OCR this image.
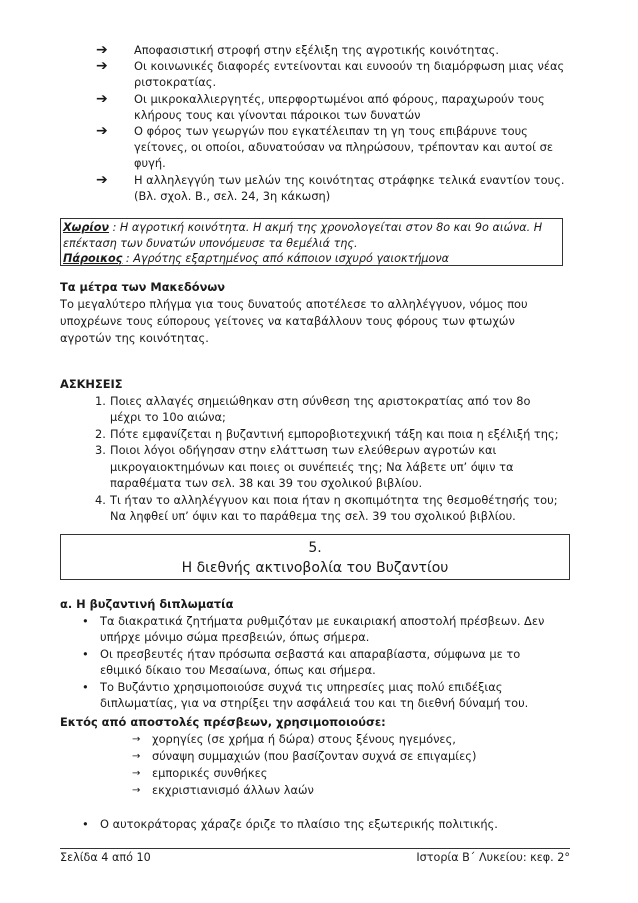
➔ Αποφασιστική στροφή στην εξέλιξη της αγροτικής κοινότητας.
➔ Οι κοινωνικές διαφορές εντείνονται και ευνοούν τη διαμόρφωση μιας νέας
ριστοκρατίας.
➔ Οι μικροκαλλιεργητές, υπερφορτωμένοι από φόρους, παραχωρούν τους
κλήρους τους και γίνονται πάροικοι των δυνατών
➔ Ο φόρος των γεωργών που εγκατέλειπαν τη γη τους επιβάρυνε τους
γείτονες, οι οποίοι, αδυνατούσαν να πληρώσουν, τρέπονταν και αυτοί σε
φυγή.
➔ Η αλληλεγγύη των μελών της κοινότητας στράφηκε τελικά εναντίον τους.
(Βλ. σχολ. Β., σελ. 24, 3η κάκωση)
Χωρίον : Η αγροτική κοινότητα. Η ακμή της χρονολογείται στον 8ο και 9ο αιώνα. Η
επέκταση των δυνατών υπονόμευσε τα θεμέλιά της.
Πάροικος : Αγρότης εξαρτημένος από κάποιον ισχυρό γαιοκτήμονα
Τα μέτρα των Μακεδόνων
Το μεγαλύτερο πλήγμα για τους δυνατούς αποτέλεσε το αλληλέγγυον, νόμος που
υποχρέωνε τους εύπορους γείτονες να καταβάλλουν τους φόρους των φτωχών
αγροτών της κοινότητας.
ΑΣΚΗΣΕΙΣ
1. Ποιες αλλαγές σημειώθηκαν στη σύνθεση της αριστοκρατίας από τον 8ο
μέχρι το 10ο αιώνα;
2. Πότε εμφανίζεται η βυζαντινή εμποροβιοτεχνική τάξη και ποια η εξέλιξή της;
3. Ποιοι λόγοι οδήγησαν στην ελάττωση των ελεύθερων αγροτών και
μικρογαιοκτημόνων και ποιες οι συνέπειές της; Να λάβετε υπ’ όψιν τα
παραθέματα των σελ. 38 και 39 του σχολικού βιβλίου.
4. Τι ήταν το αλληλέγγυον και ποια ήταν η σκοπιμότητα της θεσμοθέτησής του;
Να ληφθεί υπ’ όψιν και το παράθεμα της σελ. 39 του σχολικού βιβλίου.
5.
Η διεθνής ακτινοβολία του Βυζαντίου
α. Η βυζαντινή διπλωματία
• Τα διακρατικά ζητήματα ρυθμιζόταν με ευκαιριακή αποστολή πρέσβεων. Δεν
υπήρχε μόνιμο σώμα πρεσβειών, όπως σήμερα.
• Οι πρεσβευτές ήταν πρόσωπα σεβαστά και απαραβίαστα, σύμφωνα με το
εθιμικό δίκαιο του Μεσαίωνα, όπως και σήμερα.
• Το Βυζάντιο χρησιμοποιούσε συχνά τις υπηρεσίες μιας πολύ επιδέξιας
διπλωματίας, για να στηρίξει την ασφάλειά του και τη διεθνή δύναμή του.
Εκτός από αποστολές πρέσβεων, χρησιμοποιούσε:
→ χορηγίες (σε χρήμα ή δώρα) στους ξένους ηγεμόνες,
→ σύναψη συμμαχιών (που βασίζονταν συχνά σε επιγαμίες)
→ εμπορικές συνθήκες
→ εκχριστιανισμό άλλων λαών
• Ο αυτοκράτορας χάραζε όριζε το πλαίσιο της εξωτερικής πολιτικής.
Σελίδα 4 από 10	Ιστορία Β΄ Λυκείου: κεφ. 2°
